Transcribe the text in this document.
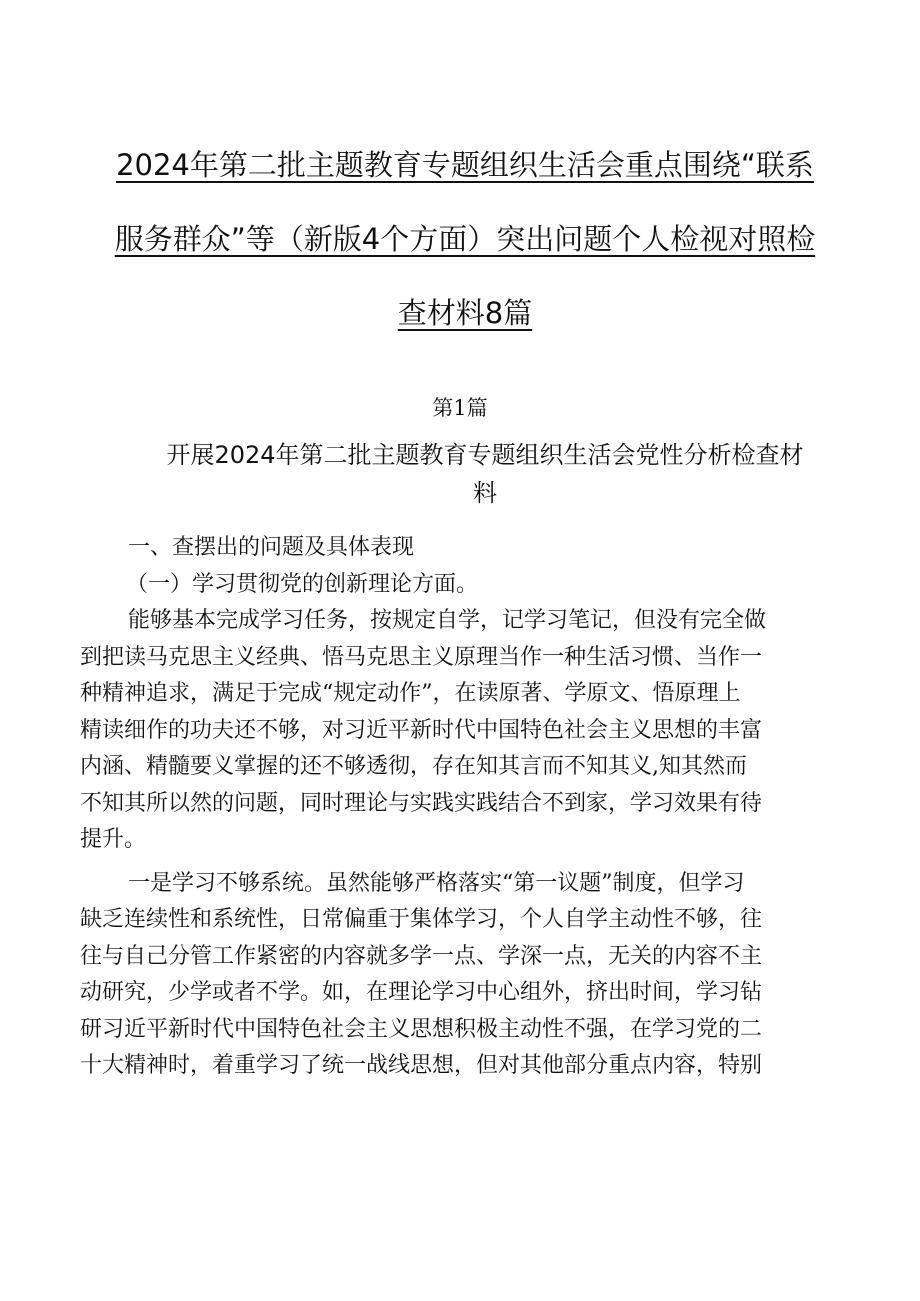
2024年第二批主题教育专题组织生活会重点围绕“联系
服务群众”等（新版4个方面）突出问题个人检视对照检
查材料8篇
第1篇
开展2024年第二批主题教育专题组织生活会党性分析检查材
料

一、查摆出的问题及具体表现

（一）学习贯彻党的创新理论方面。

能够基本完成学习任务，按规定自学，记学习笔记，但没有完全做

到把读马克思主义经典、悟马克思主义原理当作一种生活习惯、当作一

种精神追求，满足于完成“规定动作”，在读原著、学原文、悟原理上

精读细作的功夫还不够，对习近平新时代中国特色社会主义思想的丰富

内涵、精髓要义掌握的还不够透彻，存在知其言而不知其义,知其然而

不知其所以然的问题，同时理论与实践实践结合不到家，学习效果有待

提升。

一是学习不够系统。虽然能够严格落实“第一议题”制度，但学习

缺乏连续性和系统性，日常偏重于集体学习，个人自学主动性不够，往

往与自己分管工作紧密的内容就多学一点、学深一点，无关的内容不主

动研究，少学或者不学。如，在理论学习中心组外，挤出时间，学习钻

研习近平新时代中国特色社会主义思想积极主动性不强，在学习党的二

十大精神时，着重学习了统一战线思想，但对其他部分重点内容，特别
